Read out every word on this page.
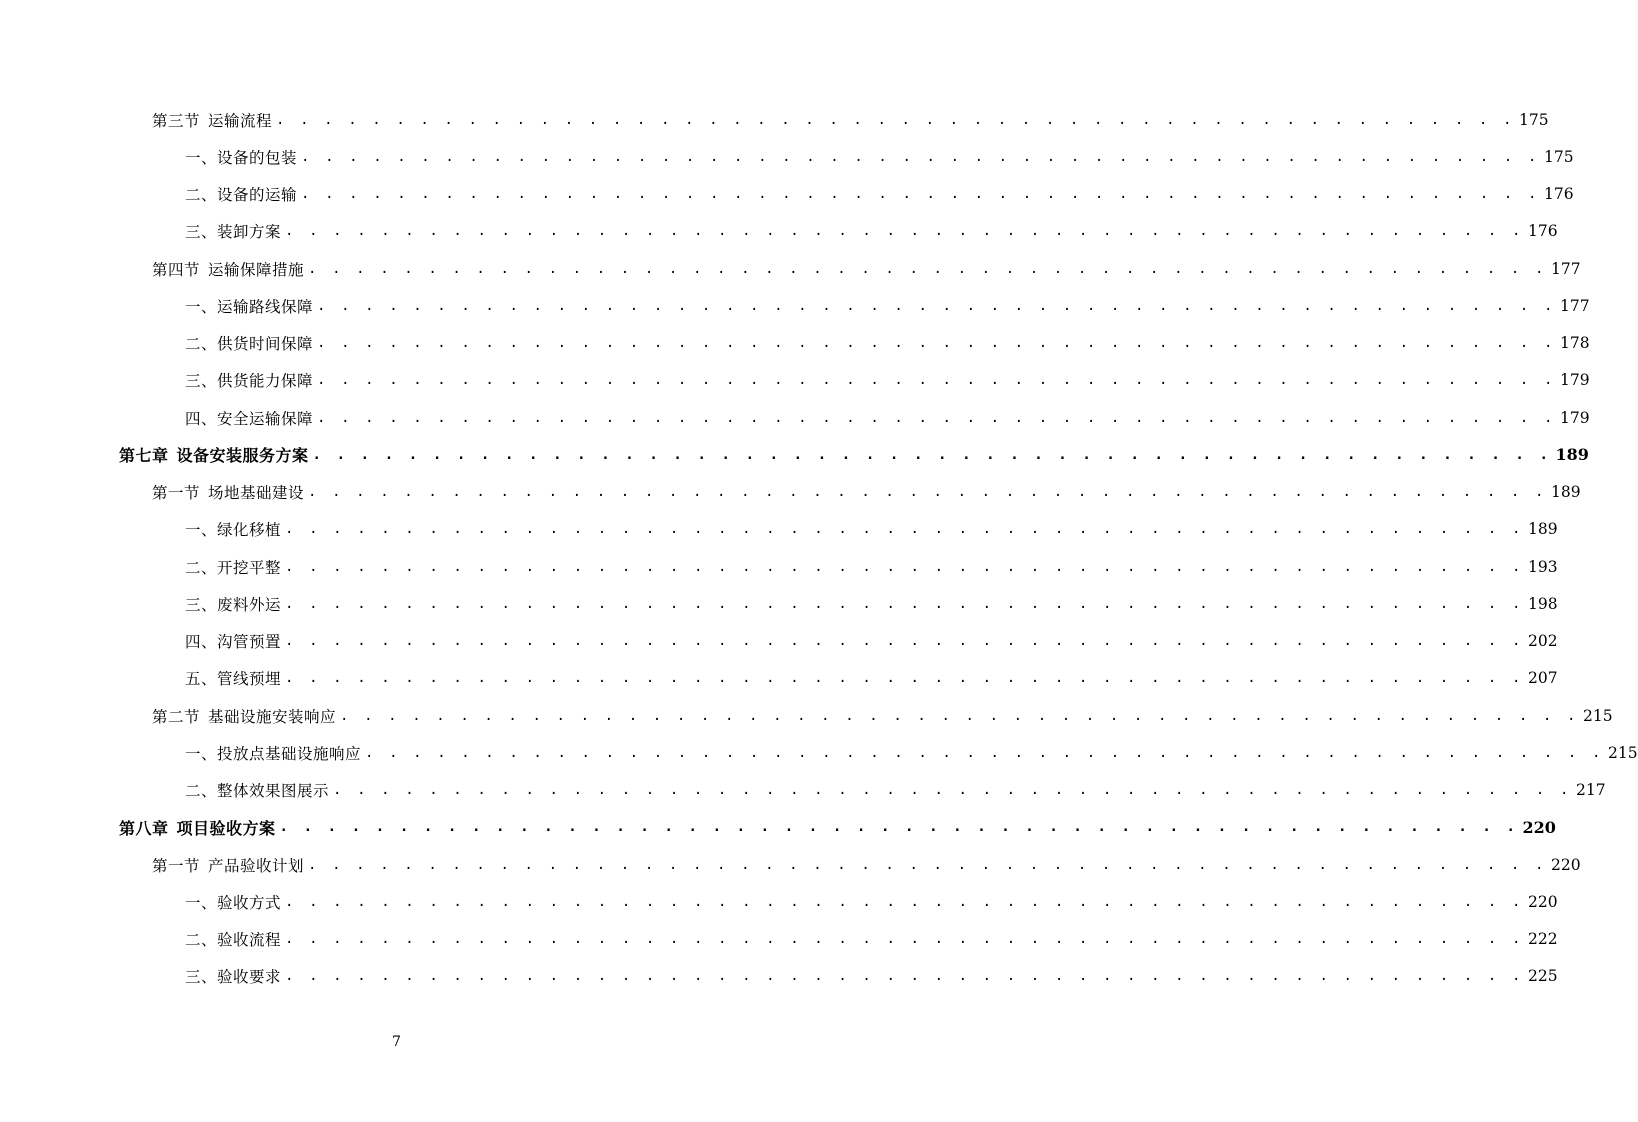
第三节 运输流程 . . . . . . . . . . . . . . . . . . . . . . . . . . . . . . . . . . . . . . . . . . . . . . . . . . . . 175
一、设备的包装 . . . . . . . . . . . . . . . . . . . . . . . . . . . . . . . . . . . . . . . . . . . . . . . . . . . . 175
二、设备的运输 . . . . . . . . . . . . . . . . . . . . . . . . . . . . . . . . . . . . . . . . . . . . . . . . . . . . 176
三、装卸方案 . . . . . . . . . . . . . . . . . . . . . . . . . . . . . . . . . . . . . . . . . . . . . . . . . . . . 176
第四节 运输保障措施 . . . . . . . . . . . . . . . . . . . . . . . . . . . . . . . . . . . . . . . . . . . . . . . . . . . . 177
一、运输路线保障 . . . . . . . . . . . . . . . . . . . . . . . . . . . . . . . . . . . . . . . . . . . . . . . . . . . . 177
二、供货时间保障 . . . . . . . . . . . . . . . . . . . . . . . . . . . . . . . . . . . . . . . . . . . . . . . . . . . . 178
三、供货能力保障 . . . . . . . . . . . . . . . . . . . . . . . . . . . . . . . . . . . . . . . . . . . . . . . . . . . . 179
四、安全运输保障 . . . . . . . . . . . . . . . . . . . . . . . . . . . . . . . . . . . . . . . . . . . . . . . . . . . . 179
第七章 设备安装服务方案 . . . . . . . . . . . . . . . . . . . . . . . . . . . . . . . . . . . . . . . . . . . . . . . . . . . . 189
第一节 场地基础建设 . . . . . . . . . . . . . . . . . . . . . . . . . . . . . . . . . . . . . . . . . . . . . . . . . . . . 189
一、绿化移植 . . . . . . . . . . . . . . . . . . . . . . . . . . . . . . . . . . . . . . . . . . . . . . . . . . . . 189
二、开挖平整 . . . . . . . . . . . . . . . . . . . . . . . . . . . . . . . . . . . . . . . . . . . . . . . . . . . . 193
三、废料外运 . . . . . . . . . . . . . . . . . . . . . . . . . . . . . . . . . . . . . . . . . . . . . . . . . . . . 198
四、沟管预置 . . . . . . . . . . . . . . . . . . . . . . . . . . . . . . . . . . . . . . . . . . . . . . . . . . . . 202
五、管线预埋 . . . . . . . . . . . . . . . . . . . . . . . . . . . . . . . . . . . . . . . . . . . . . . . . . . . . 207
第二节 基础设施安装响应 . . . . . . . . . . . . . . . . . . . . . . . . . . . . . . . . . . . . . . . . . . . . . . . . . . . . 215
一、投放点基础设施响应 . . . . . . . . . . . . . . . . . . . . . . . . . . . . . . . . . . . . . . . . . . . . . . . . . . . . 215
二、整体效果图展示 . . . . . . . . . . . . . . . . . . . . . . . . . . . . . . . . . . . . . . . . . . . . . . . . . . . . 217
第八章 项目验收方案 . . . . . . . . . . . . . . . . . . . . . . . . . . . . . . . . . . . . . . . . . . . . . . . . . . . . 220
第一节 产品验收计划 . . . . . . . . . . . . . . . . . . . . . . . . . . . . . . . . . . . . . . . . . . . . . . . . . . . . 220
一、验收方式 . . . . . . . . . . . . . . . . . . . . . . . . . . . . . . . . . . . . . . . . . . . . . . . . . . . . 220
二、验收流程 . . . . . . . . . . . . . . . . . . . . . . . . . . . . . . . . . . . . . . . . . . . . . . . . . . . . 222
三、验收要求 . . . . . . . . . . . . . . . . . . . . . . . . . . . . . . . . . . . . . . . . . . . . . . . . . . . . 225
7
